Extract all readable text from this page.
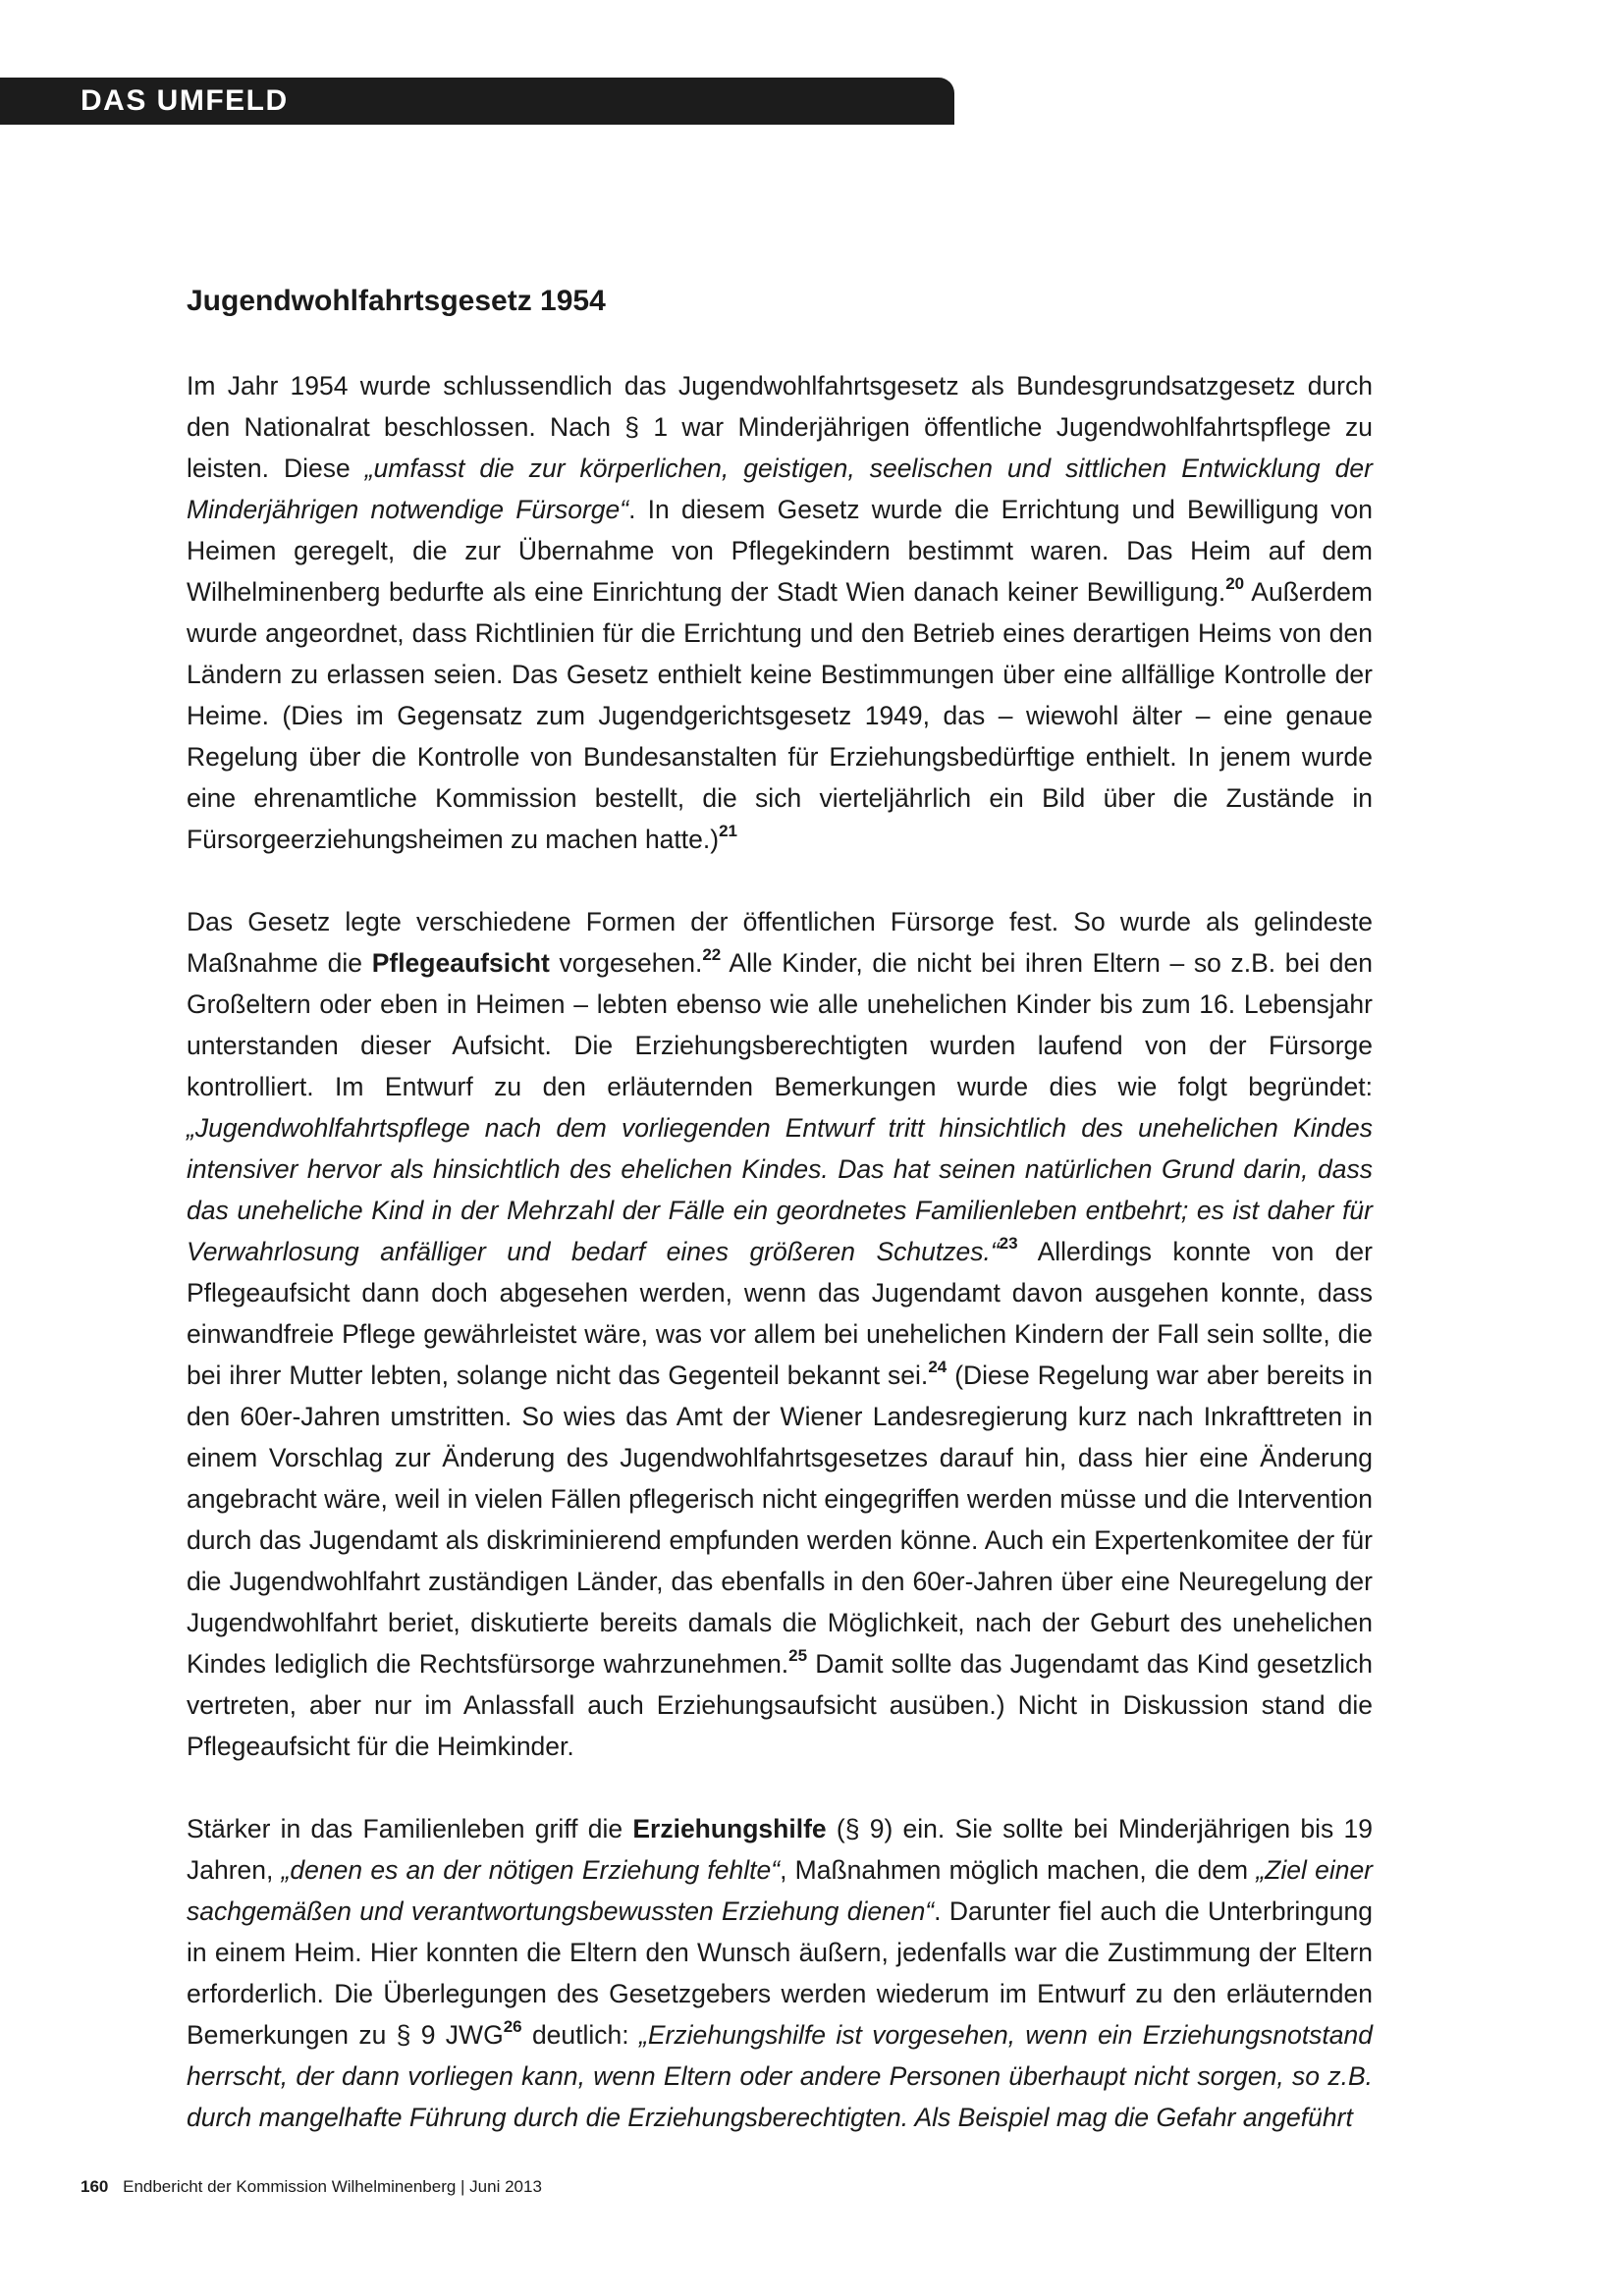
DAS UMFELD
Jugendwohlfahrtsgesetz 1954

Im Jahr 1954 wurde schlussendlich das Jugendwohlfahrtsgesetz als Bundesgrundsatzgesetz durch den Nationalrat beschlossen. Nach § 1 war Minderjährigen öffentliche Jugendwohlfahrtspflege zu leisten. Diese „umfasst die zur körperlichen, geistigen, seelischen und sittlichen Entwicklung der Minderjährigen notwendige Fürsorge“. In diesem Gesetz wurde die Errichtung und Bewilligung von Heimen geregelt, die zur Übernahme von Pflegekindern bestimmt waren. Das Heim auf dem Wilhelminenberg bedurfte als eine Einrichtung der Stadt Wien danach keiner Bewilligung.$^{20}$ Außerdem wurde angeordnet, dass Richtlinien für die Errichtung und den Betrieb eines derartigen Heims von den Ländern zu erlassen seien. Das Gesetz enthielt keine Bestimmungen über eine allfällige Kontrolle der Heime. (Dies im Gegensatz zum Jugendgerichtsgesetz 1949, das – wiewohl älter – eine genaue Regelung über die Kontrolle von Bundesanstalten für Erziehungsbedürftige enthielt. In jenem wurde eine ehrenamtliche Kommission bestellt, die sich vierteljährlich ein Bild über die Zustände in Fürsorgeerziehungsheimen zu machen hatte.)$^{21}$

Das Gesetz legte verschiedene Formen der öffentlichen Fürsorge fest. So wurde als gelindeste Maßnahme die Pflegeaufsicht vorgesehen.$^{22}$ Alle Kinder, die nicht bei ihren Eltern – so z.B. bei den Großeltern oder eben in Heimen – lebten ebenso wie alle unehelichen Kinder bis zum 16. Lebensjahr unterstanden dieser Aufsicht. Die Erziehungsberechtigten wurden laufend von der Fürsorge kontrolliert. Im Entwurf zu den erläuternden Bemerkungen wurde dies wie folgt begründet: „Jugendwohlfahrtspflege nach dem vorliegenden Entwurf tritt hinsichtlich des unehelichen Kindes intensiver hervor als hinsichtlich des ehelichen Kindes. Das hat seinen natürlichen Grund darin, dass das uneheliche Kind in der Mehrzahl der Fälle ein geordnetes Familienleben entbehrt; es ist daher für Verwahrlosung anfälliger und bedarf eines größeren Schutzes.“$^{23}$ Allerdings konnte von der Pflegeaufsicht dann doch abgesehen werden, wenn das Jugendamt davon ausgehen konnte, dass einwandfreie Pflege gewährleistet wäre, was vor allem bei unehelichen Kindern der Fall sein sollte, die bei ihrer Mutter lebten, solange nicht das Gegenteil bekannt sei.$^{24}$ (Diese Regelung war aber bereits in den 60er-Jahren umstritten. So wies das Amt der Wiener Landesregierung kurz nach Inkrafttreten in einem Vorschlag zur Änderung des Jugendwohlfahrtsgesetzes darauf hin, dass hier eine Änderung angebracht wäre, weil in vielen Fällen pflegerisch nicht eingegriffen werden müsse und die Intervention durch das Jugendamt als diskriminierend empfunden werden könne. Auch ein Expertenkomitee der für die Jugendwohlfahrt zuständigen Länder, das ebenfalls in den 60er-Jahren über eine Neuregelung der Jugendwohlfahrt beriet, diskutierte bereits damals die Möglichkeit, nach der Geburt des unehelichen Kindes lediglich die Rechtsfürsorge wahrzunehmen.$^{25}$ Damit sollte das Jugendamt das Kind gesetzlich vertreten, aber nur im Anlassfall auch Erziehungsaufsicht ausüben.) Nicht in Diskussion stand die Pflegeaufsicht für die Heimkinder.

Stärker in das Familienleben griff die Erziehungshilfe (§ 9) ein. Sie sollte bei Minderjährigen bis 19 Jahren, „denen es an der nötigen Erziehung fehlte“, Maßnahmen möglich machen, die dem „Ziel einer sachgemäßen und verantwortungsbewussten Erziehung dienen“. Darunter fiel auch die Unterbringung in einem Heim. Hier konnten die Eltern den Wunsch äußern, jedenfalls war die Zustimmung der Eltern erforderlich. Die Überlegungen des Gesetzgebers werden wiederum im Entwurf zu den erläuternden Bemerkungen zu § 9 JWG$^{26}$ deutlich: „Erziehungshilfe ist vorgesehen, wenn ein Erziehungsnotstand herrscht, der dann vorliegen kann, wenn Eltern oder andere Personen überhaupt nicht sorgen, so z.B. durch mangelhafte Führung durch die Erziehungsberechtigten. Als Beispiel mag die Gefahr angeführt

160 Endbericht der Kommission Wilhelminenberg | Juni 2013
